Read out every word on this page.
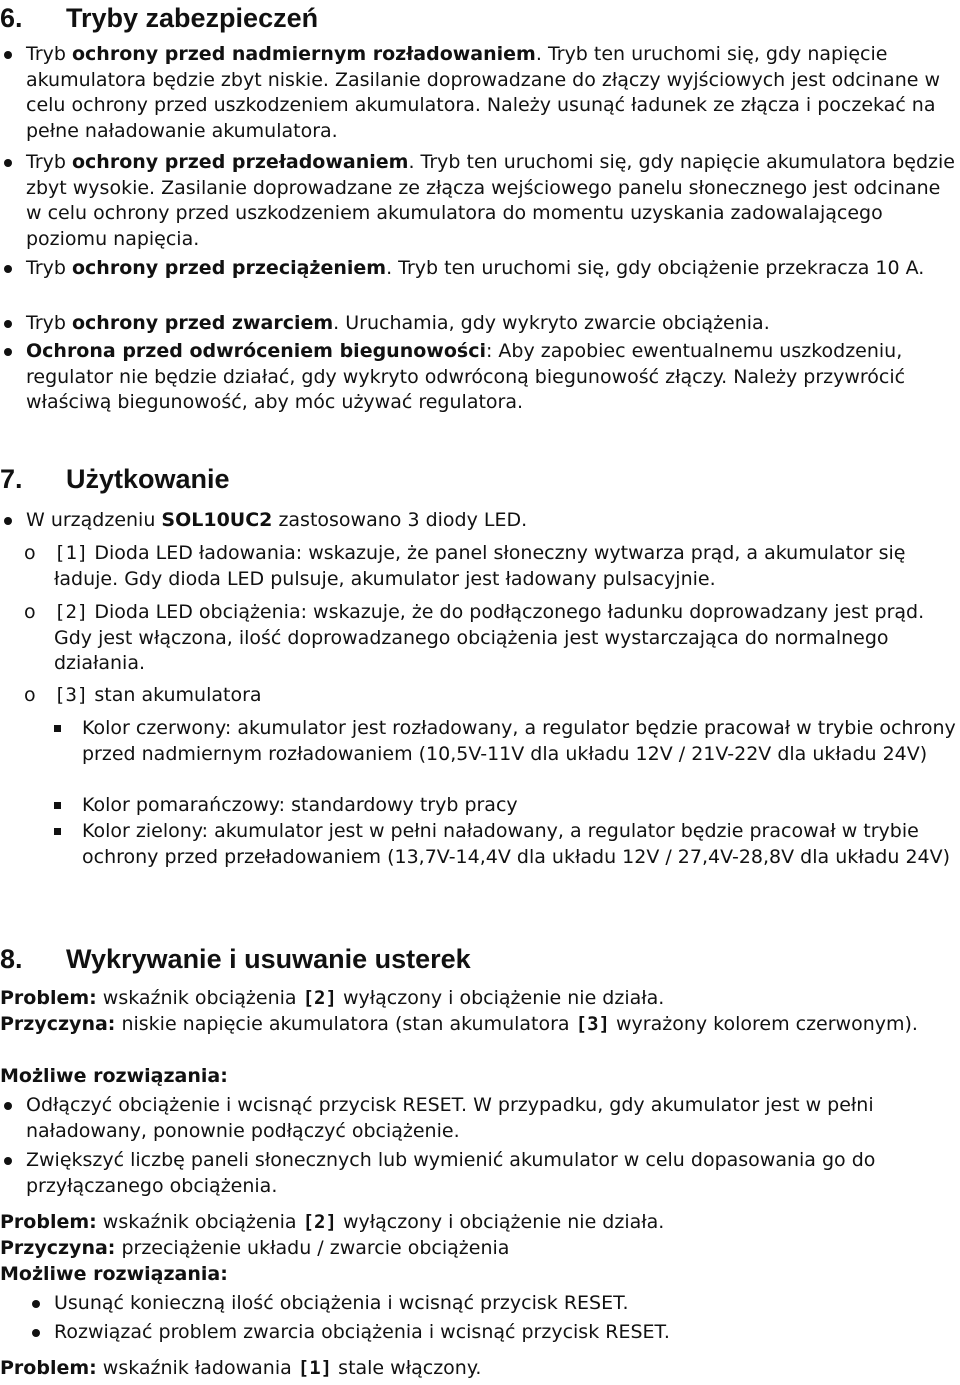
6. Tryby zabezpieczeń
Tryb ochrony przed nadmiernym rozładowaniem. Tryb ten uruchomi się, gdy napięcie akumulatora będzie zbyt niskie. Zasilanie doprowadzane do złączy wyjściowych jest odcinane w celu ochrony przed uszkodzeniem akumulatora. Należy usunąć ładunek ze złącza i poczekać na pełne naładowanie akumulatora.
Tryb ochrony przed przeładowaniem. Tryb ten uruchomi się, gdy napięcie akumulatora będzie zbyt wysokie. Zasilanie doprowadzane ze złącza wejściowego panelu słonecznego jest odcinane w celu ochrony przed uszkodzeniem akumulatora do momentu uzyskania zadowalającego poziomu napięcia.
Tryb ochrony przed przeciążeniem. Tryb ten uruchomi się, gdy obciążenie przekracza 10 A.
Tryb ochrony przed zwarciem. Uruchamia, gdy wykryto zwarcie obciążenia.
Ochrona przed odwróceniem biegunowości: Aby zapobiec ewentualnemu uszkodzeniu, regulator nie będzie działać, gdy wykryto odwróconą biegunowość złączy. Należy przywrócić właściwą biegunowość, aby móc używać regulatora.
7. Użytkowanie
W urządzeniu SOL10UC2 zastosowano 3 diody LED.
o [1] Dioda LED ładowania: wskazuje, że panel słoneczny wytwarza prąd, a akumulator się ładuje. Gdy dioda LED pulsuje, akumulator jest ładowany pulsacyjnie.
o [2] Dioda LED obciążenia: wskazuje, że do podłączonego ładunku doprowadzany jest prąd. Gdy jest włączona, ilość doprowadzanego obciążenia jest wystarczająca do normalnego działania.
o [3] stan akumulatora
Kolor czerwony: akumulator jest rozładowany, a regulator będzie pracował w trybie ochrony przed nadmiernym rozładowaniem (10,5V-11V dla układu 12V / 21V-22V dla układu 24V)
Kolor pomarańczowy: standardowy tryb pracy
Kolor zielony: akumulator jest w pełni naładowany, a regulator będzie pracował w trybie ochrony przed przeładowaniem (13,7V-14,4V dla układu 12V / 27,4V-28,8V dla układu 24V)
8. Wykrywanie i usuwanie usterek
Problem: wskaźnik obciążenia [2] wyłączony i obciążenie nie działa.
Przyczyna: niskie napięcie akumulatora (stan akumulatora [3] wyrażony kolorem czerwonym).
Możliwe rozwiązania:
Odłączyć obciążenie i wcisnąć przycisk RESET. W przypadku, gdy akumulator jest w pełni naładowany, ponownie podłączyć obciążenie.
Zwiększyć liczbę paneli słonecznych lub wymienić akumulator w celu dopasowania go do przyłączanego obciążenia.
Problem: wskaźnik obciążenia [2] wyłączony i obciążenie nie działa.
Przyczyna: przeciążenie układu / zwarcie obciążenia
Możliwe rozwiązania:
Usunąć konieczną ilość obciążenia i wcisnąć przycisk RESET.
Rozwiązać problem zwarcia obciążenia i wcisnąć przycisk RESET.
Problem: wskaźnik ładowania [1] stale włączony.
